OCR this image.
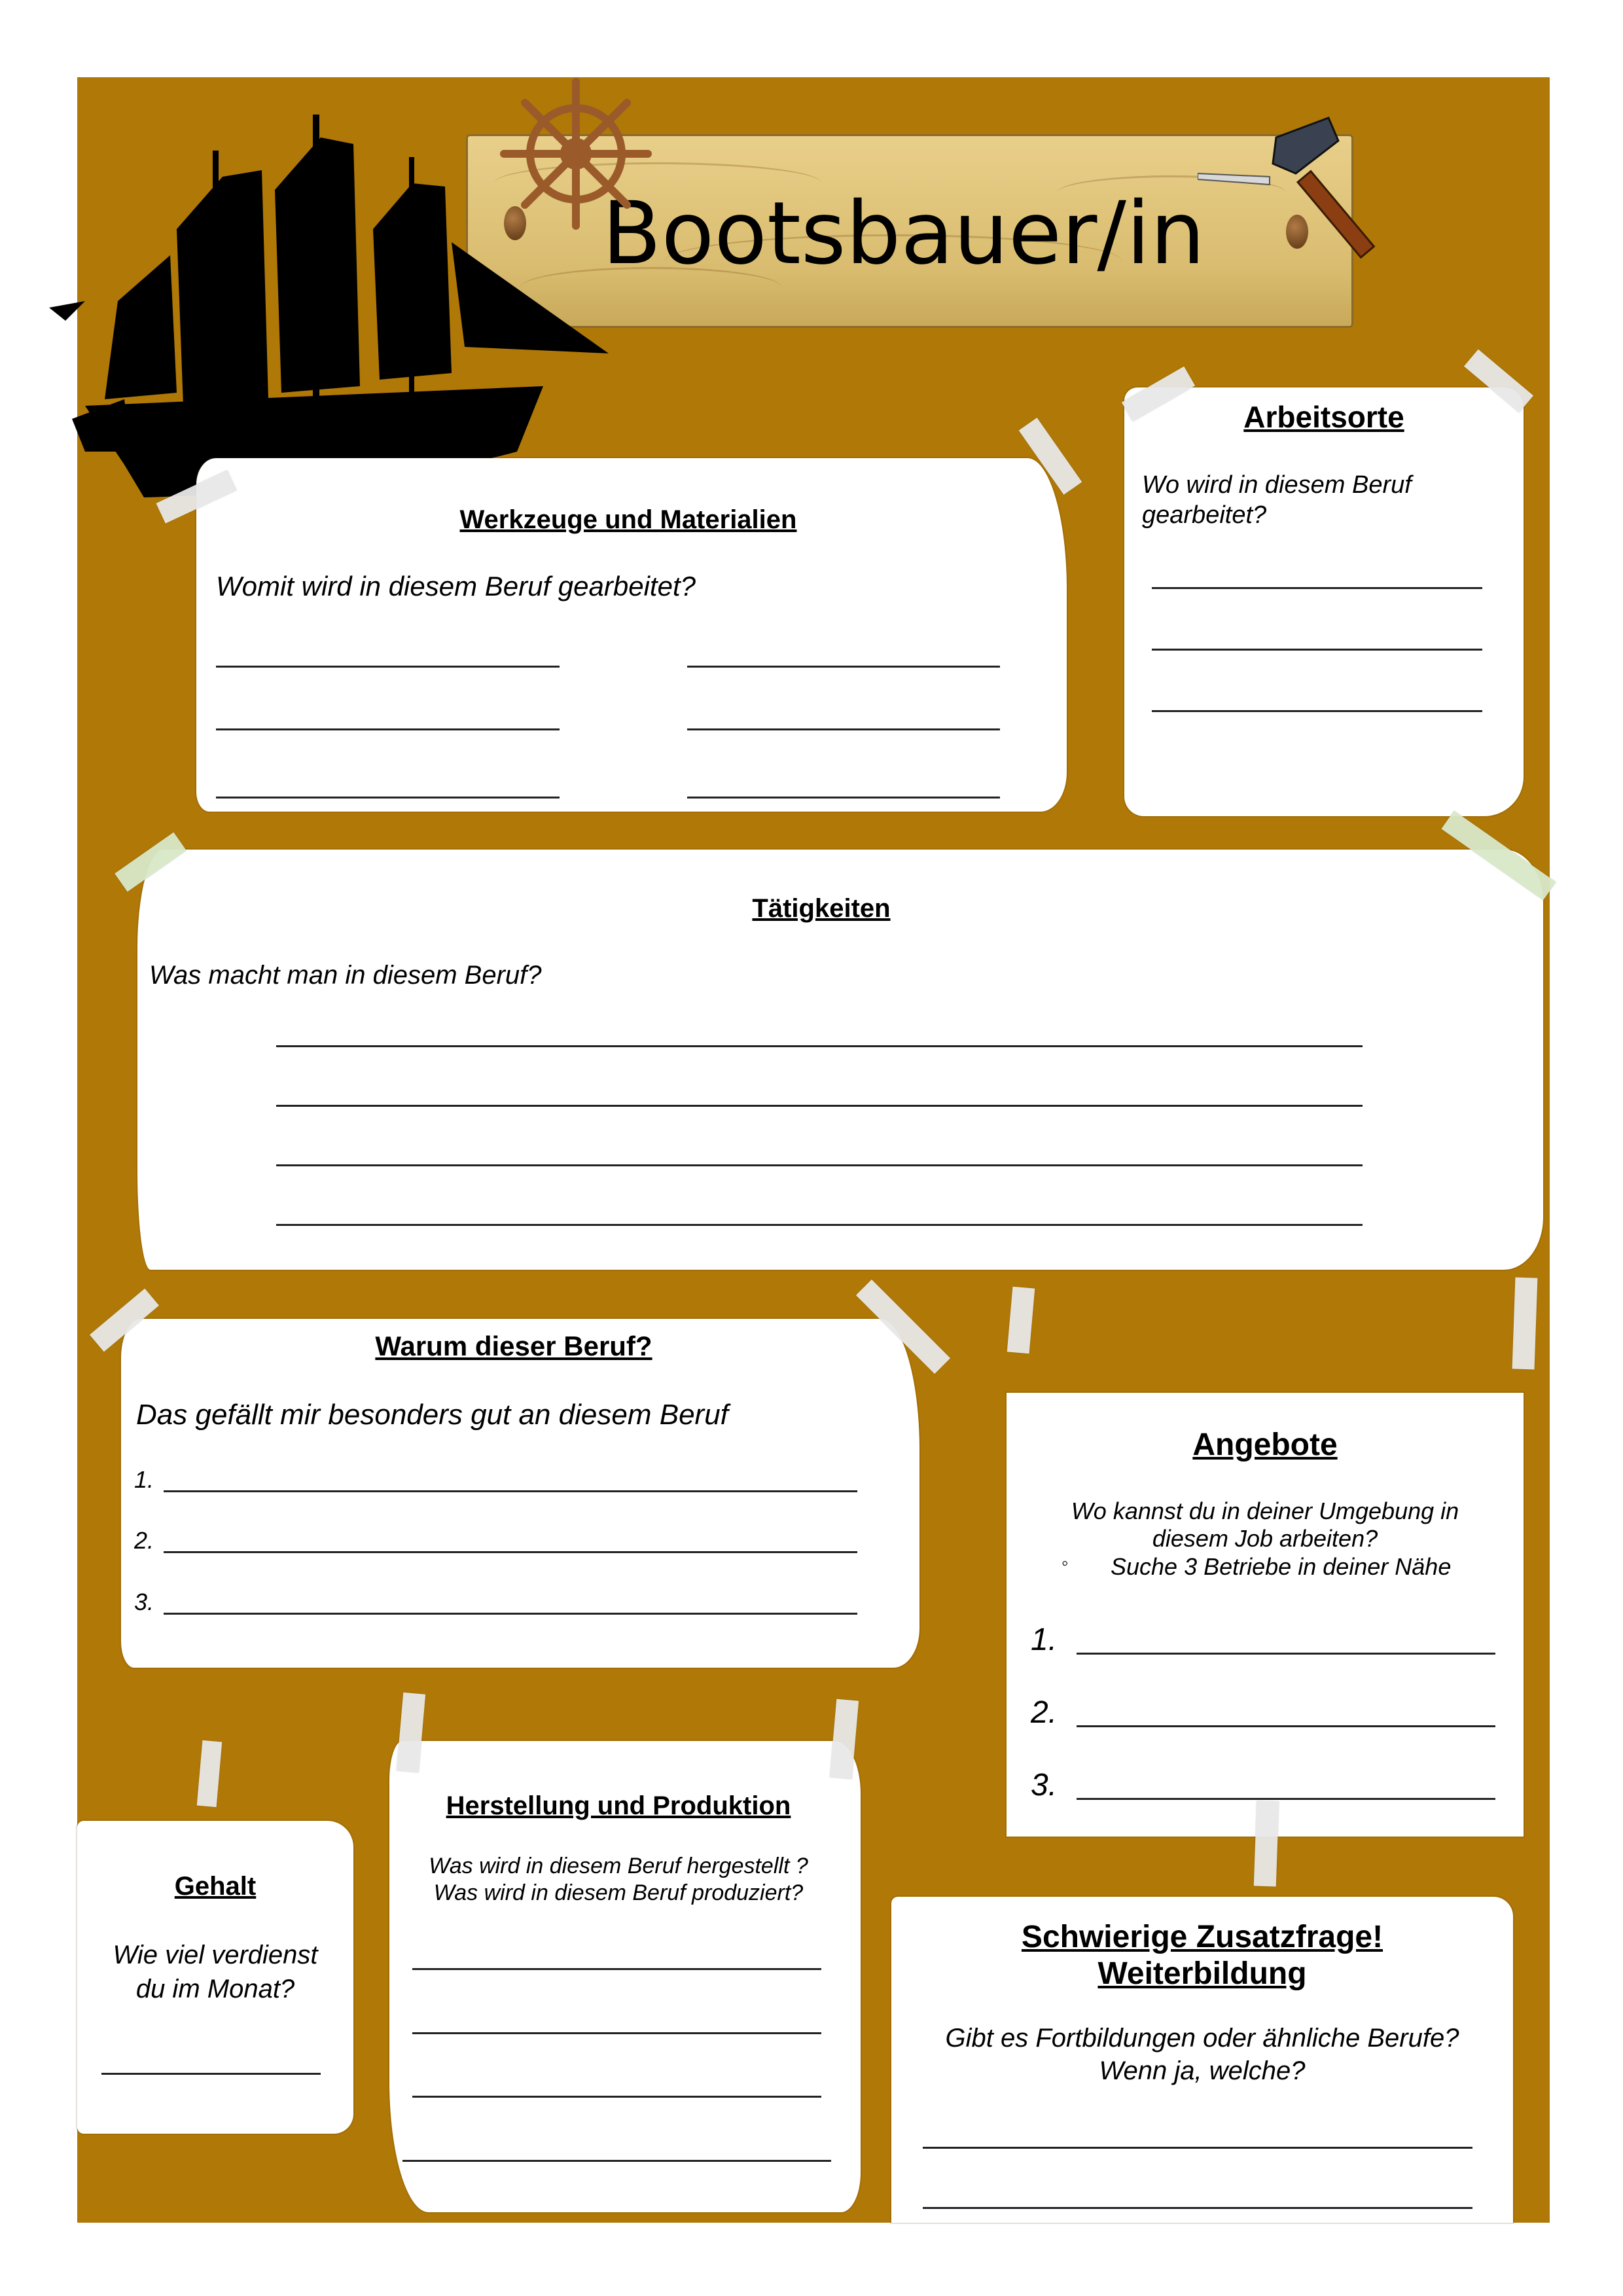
Bootsbauer/in
Werkzeuge und Materialien
Womit wird in diesem Beruf gearbeitet?
Arbeitsorte
Wo wird in diesem Beruf gearbeitet?
Tätigkeiten
Was macht man in diesem Beruf?
Warum dieser Beruf?
Das gefällt mir besonders gut an diesem Beruf
1.
2.
3.
Angebote
Wo kannst du in deiner Umgebung in
diesem Job arbeiten?
◦ Suche 3 Betriebe in deiner Nähe
1.
2.
3.
Gehalt
Wie viel verdienst
du im Monat?
Herstellung und Produktion
Was wird in diesem Beruf hergestellt ?
Was wird in diesem Beruf produziert?
Schwierige Zusatzfrage!
Weiterbildung
Gibt es Fortbildungen oder ähnliche Berufe?
Wenn ja, welche?
